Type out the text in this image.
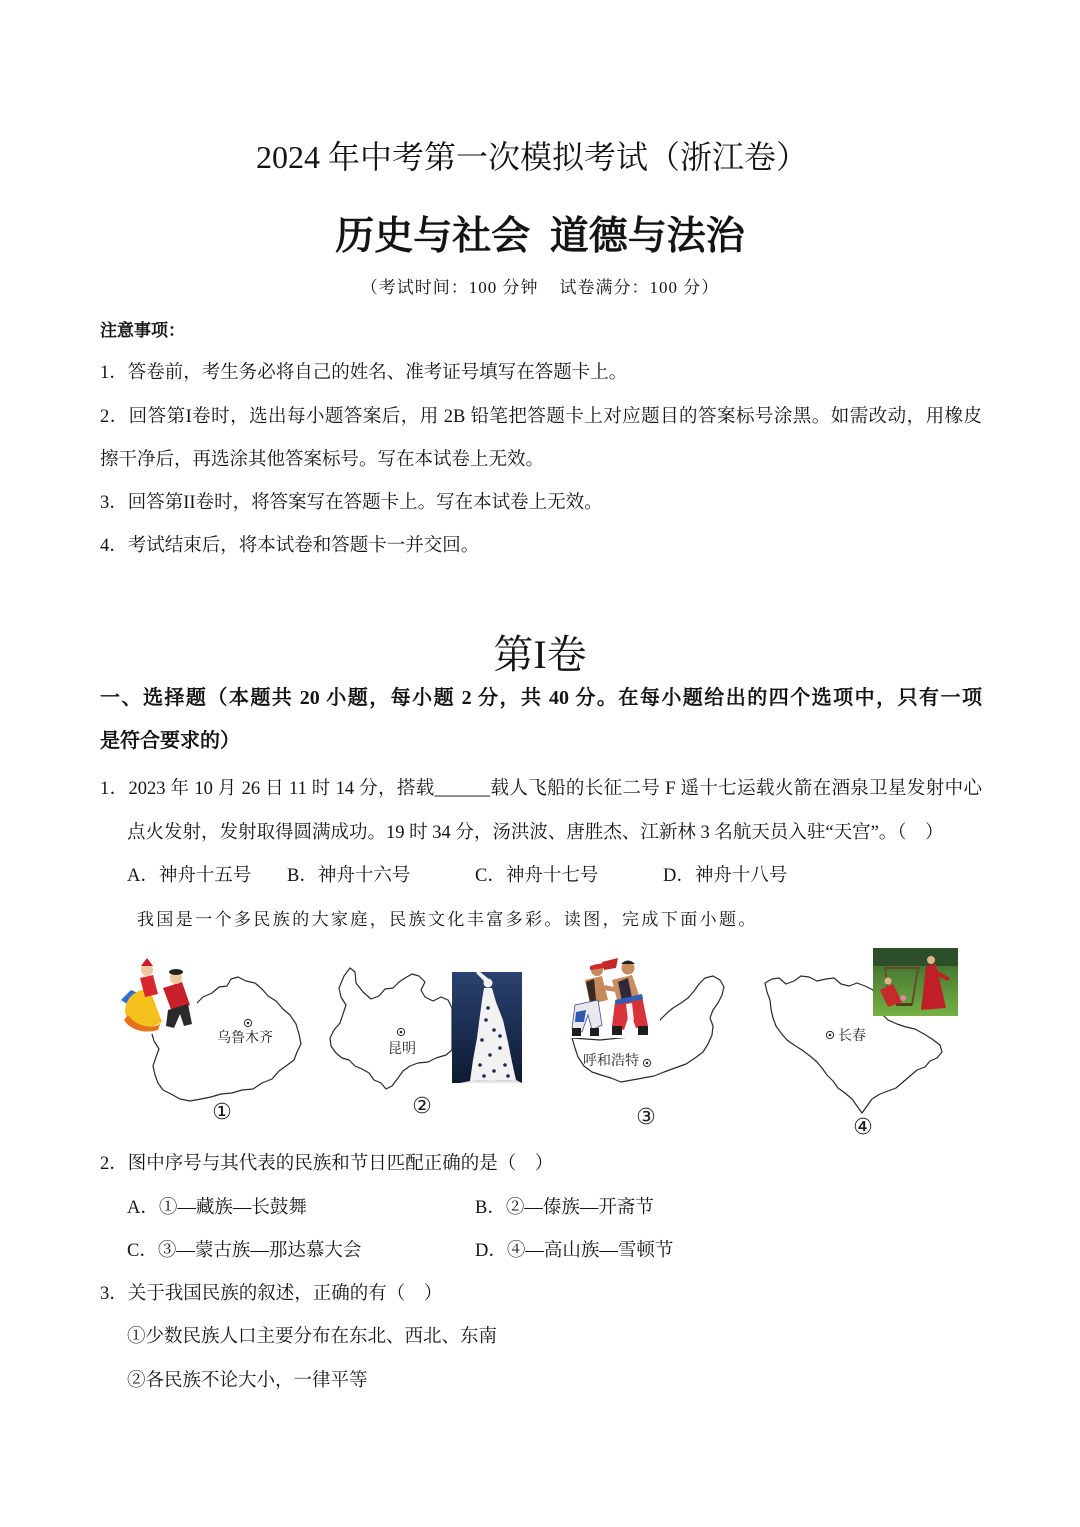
2024 年中考第一次模拟考试（浙江卷）
历史与社会  道德与法治
（考试时间：100 分钟    试卷满分：100 分）
注意事项：
1．答卷前，考生务必将自己的姓名、准考证号填写在答题卡上。
2．回答第I卷时，选出每小题答案后，用 2B 铅笔把答题卡上对应题目的答案标号涂黑。如需改动，用橡皮
擦干净后，再选涂其他答案标号。写在本试卷上无效。
3．回答第II卷时，将答案写在答题卡上。写在本试卷上无效。
4．考试结束后，将本试卷和答题卡一并交回。
第I卷
一、选择题（本题共 20 小题，每小题 2 分，共 40 分。在每小题给出的四个选项中，只有一项
是符合要求的）
1．2023 年 10 月 26 日 11 时 14 分，搭载______载人飞船的长征二号 F 遥十七运载火箭在酒泉卫星发射中心
点火发射，发射取得圆满成功。19 时 34 分，汤洪波、唐胜杰、江新林 3 名航天员入驻“天宫”。（    ）
A．神舟十五号 B．神舟十六号	C．神舟十七号	D．神舟十八号
我国是一个多民族的大家庭，民族文化丰富多彩。读图，完成下面小题。
乌鲁木齐
①
昆明
②
呼和浩特
③
长春
④
2．图中序号与其代表的民族和节日匹配正确的是（    ）
A．①—藏族—长鼓舞	B．②—傣族—开斋节
C．③—蒙古族—那达慕大会	D．④—高山族—雪顿节
3．关于我国民族的叙述，正确的有（    ）
①少数民族人口主要分布在东北、西北、东南
②各民族不论大小，一律平等
